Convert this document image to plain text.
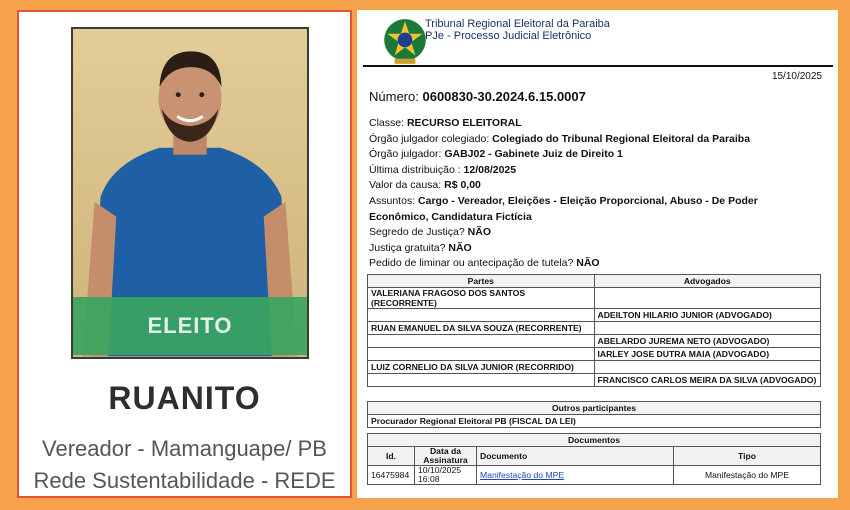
ELEITO
RUANITO
Vereador - Mamanguape/ PB
Rede Sustentabilidade - REDE
Tribunal Regional Eleitoral da Paraiba
PJe - Processo Judicial Eletrônico
15/10/2025
Número: 0600830-30.2024.6.15.0007
Classe: RECURSO ELEITORAL
Órgão julgador colegiado: Colegiado do Tribunal Regional Eleitoral da Paraiba
Órgão julgador: GABJ02 - Gabinete Juiz de Direito 1
Última distribuição : 12/08/2025
Valor da causa: R$ 0,00
Assuntos: Cargo - Vereador, Eleições - Eleição Proporcional, Abuso - De Poder Econômico, Candidatura Fictícia
Segredo de Justiça? NÃO
Justiça gratuita? NÃO
Pedido de liminar ou antecipação de tutela? NÃO
Partes	Advogados
VALERIANA FRAGOSO DOS SANTOS (RECORRENTE)	
	ADEILTON HILARIO JUNIOR (ADVOGADO)
RUAN EMANUEL DA SILVA SOUZA (RECORRENTE)	
	ABELARDO JUREMA NETO (ADVOGADO)
	IARLEY JOSE DUTRA MAIA (ADVOGADO)
LUIZ CORNELIO DA SILVA JUNIOR (RECORRIDO)	
	FRANCISCO CARLOS MEIRA DA SILVA (ADVOGADO)
Outros participantes
Procurador Regional Eleitoral PB (FISCAL DA LEI)
Documentos			
Id.	Data da Assinatura	Documento	Tipo
16475984	10/10/2025 16:08	Manifestação do MPE	Manifestação do MPE
